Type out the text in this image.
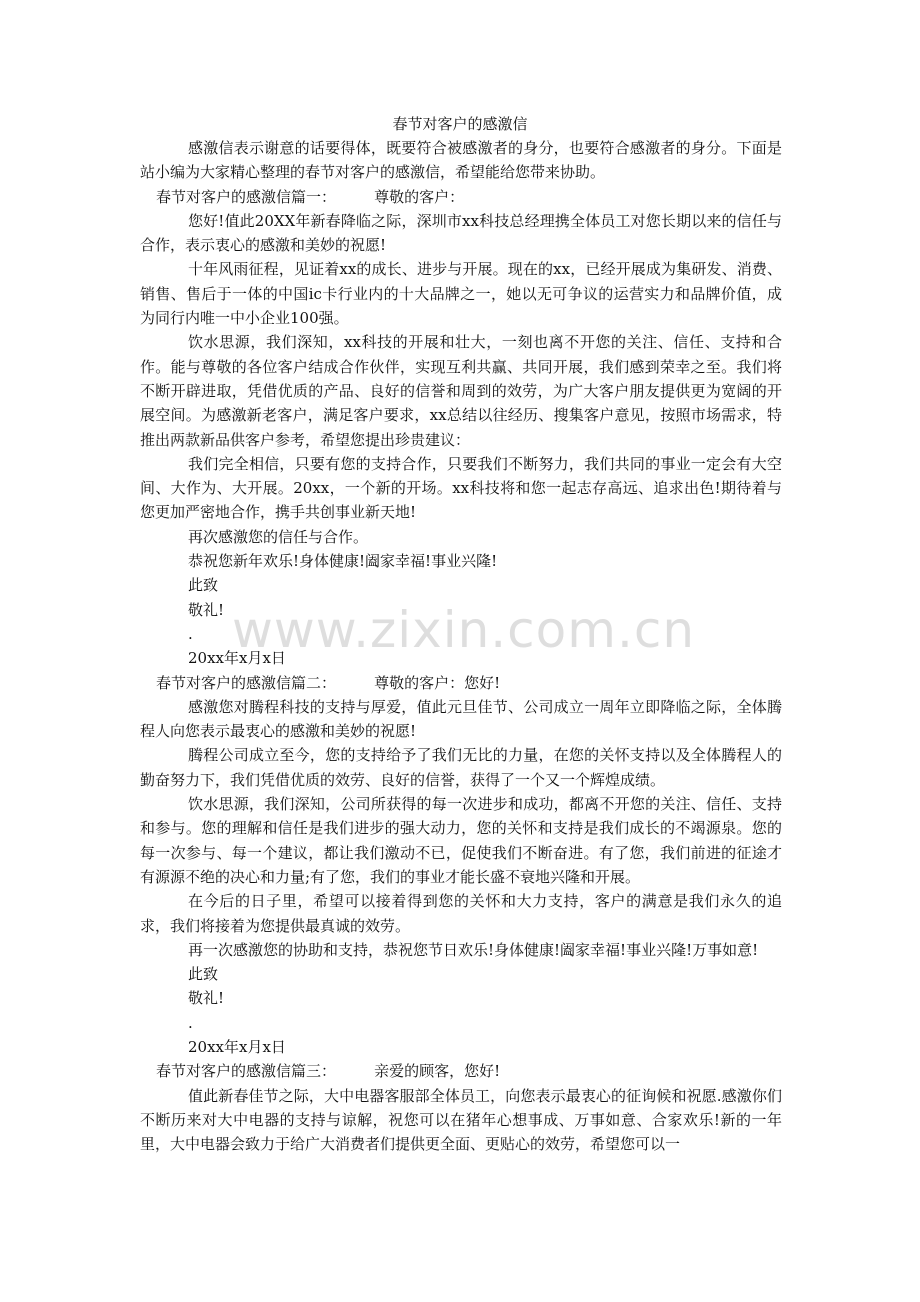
春节对客户的感激信

感激信表示谢意的话要得体，既要符合被感激者的身分，也要符合感激者的身分。下面是站小编为大家精心整理的春节对客户的感激信，希望能给您带来协助。

春节对客户的感激信篇一：        尊敬的客户：

您好!值此20XX年新春降临之际，深圳市xx科技总经理携全体员工对您长期以来的信任与合作，表示衷心的感激和美妙的祝愿!

十年风雨征程，见证着xx的成长、进步与开展。现在的xx，已经开展成为集研发、消费、销售、售后于一体的中国ic卡行业内的十大品牌之一，她以无可争议的运营实力和品牌价值，成为同行内唯一中小企业100强。

饮水思源，我们深知，xx科技的开展和壮大，一刻也离不开您的关注、信任、支持和合作。能与尊敬的各位客户结成合作伙伴，实现互利共赢、共同开展，我们感到荣幸之至。我们将不断开辟进取，凭借优质的产品、良好的信誉和周到的效劳，为广大客户朋友提供更为宽阔的开展空间。为感激新老客户，满足客户要求，xx总结以往经历、搜集客户意见，按照市场需求，特推出两款新品供客户参考，希望您提出珍贵建议：

我们完全相信，只要有您的支持合作，只要我们不断努力，我们共同的事业一定会有大空间、大作为、大开展。20xx，一个新的开场。xx科技将和您一起志存高远、追求出色!期待着与您更加严密地合作，携手共创事业新天地!

再次感激您的信任与合作。

恭祝您新年欢乐!身体健康!阖家幸福!事业兴隆!

此致

敬礼!

.

20xx年x月x日

春节对客户的感激信篇二：        尊敬的客户：您好!

感激您对腾程科技的支持与厚爱，值此元旦佳节、公司成立一周年立即降临之际，全体腾程人向您表示最衷心的感激和美妙的祝愿!

腾程公司成立至今，您的支持给予了我们无比的力量，在您的关怀支持以及全体腾程人的勤奋努力下，我们凭借优质的效劳、良好的信誉，获得了一个又一个辉煌成绩。

饮水思源，我们深知，公司所获得的每一次进步和成功，都离不开您的关注、信任、支持和参与。您的理解和信任是我们进步的强大动力，您的关怀和支持是我们成长的不竭源泉。您的每一次参与、每一个建议，都让我们激动不已，促使我们不断奋进。有了您，我们前进的征途才有源源不绝的决心和力量;有了您，我们的事业才能长盛不衰地兴隆和开展。

在今后的日子里，希望可以接着得到您的关怀和大力支持，客户的满意是我们永久的追求，我们将接着为您提供最真诚的效劳。

再一次感激您的协助和支持，恭祝您节日欢乐!身体健康!阖家幸福!事业兴隆!万事如意!

此致

敬礼!

.

20xx年x月x日

春节对客户的感激信篇三：        亲爱的顾客，您好!

值此新春佳节之际，大中电器客服部全体员工，向您表示最衷心的征询候和祝愿.感激你们不断历来对大中电器的支持与谅解，祝您可以在猪年心想事成、万事如意、合家欢乐!新的一年里，大中电器会致力于给广大消费者们提供更全面、更贴心的效劳，希望您可以一

www.zixin.com.cn
